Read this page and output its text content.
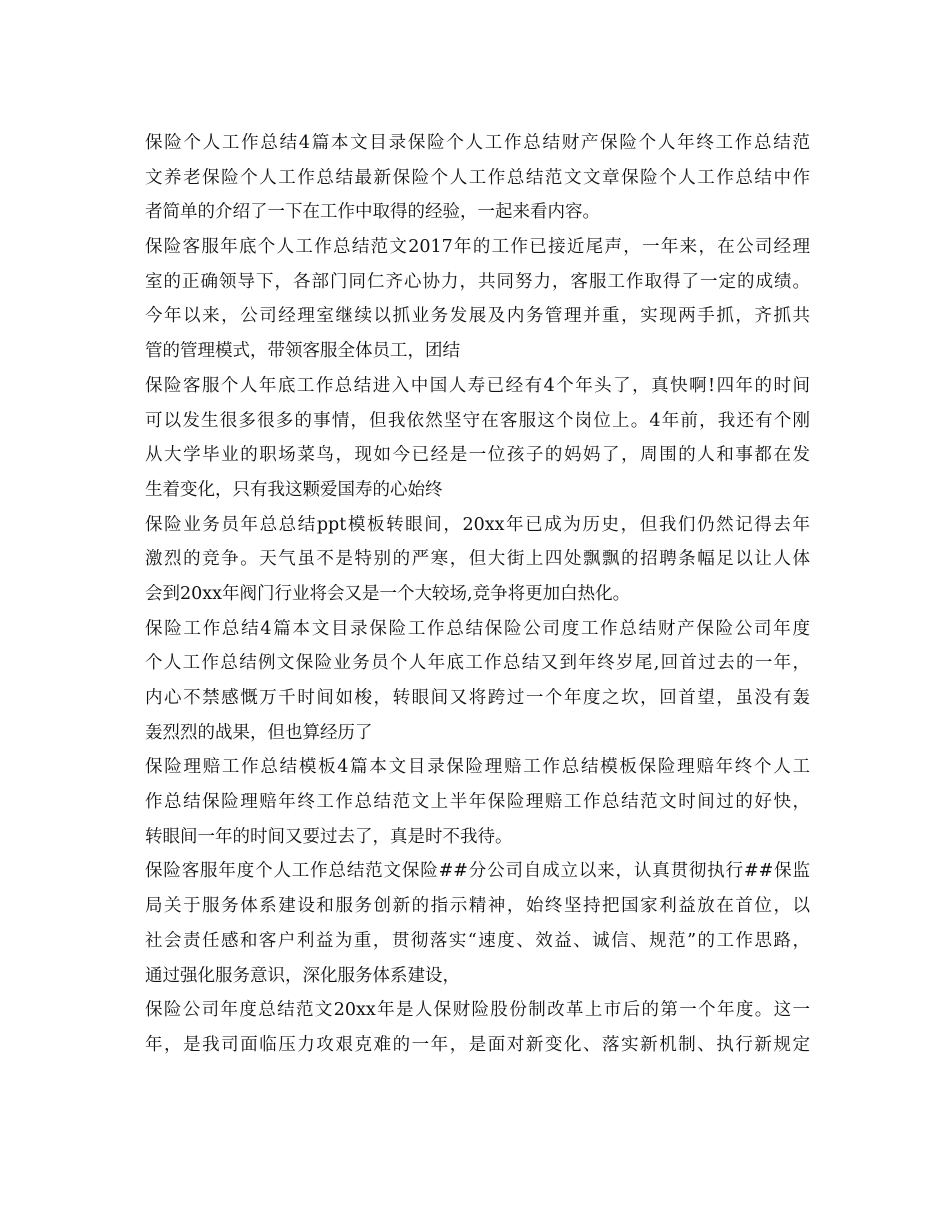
保险个人工作总结4篇本文目录保险个人工作总结财产保险个人年终工作总结范
文养老保险个人工作总结最新保险个人工作总结范文文章保险个人工作总结中作
者简单的介绍了一下在工作中取得的经验，一起来看内容。
保险客服年底个人工作总结范文2017年的工作已接近尾声，一年来，在公司经理
室的正确领导下，各部门同仁齐心协力，共同努力，客服工作取得了一定的成绩。
今年以来，公司经理室继续以抓业务发展及内务管理并重，实现两手抓，齐抓共
管的管理模式，带领客服全体员工，团结
保险客服个人年底工作总结进入中国人寿已经有4个年头了，真快啊!四年的时间
可以发生很多很多的事情，但我依然坚守在客服这个岗位上。4年前，我还有个刚
从大学毕业的职场菜鸟，现如今已经是一位孩子的妈妈了，周围的人和事都在发
生着变化，只有我这颗爱国寿的心始终
保险业务员年总总结ppt模板转眼间，20xx年已成为历史，但我们仍然记得去年
激烈的竞争。天气虽不是特别的严寒，但大街上四处飘飘的招聘条幅足以让人体
会到20xx年阀门行业将会又是一个大较场,竞争将更加白热化。
保险工作总结4篇本文目录保险工作总结保险公司度工作总结财产保险公司年度
个人工作总结例文保险业务员个人年底工作总结又到年终岁尾,回首过去的一年，
内心不禁感慨万千时间如梭，转眼间又将跨过一个年度之坎，回首望，虽没有轰
轰烈烈的战果，但也算经历了
保险理赔工作总结模板4篇本文目录保险理赔工作总结模板保险理赔年终个人工
作总结保险理赔年终工作总结范文上半年保险理赔工作总结范文时间过的好快，
转眼间一年的时间又要过去了，真是时不我待。
保险客服年度个人工作总结范文保险##分公司自成立以来，认真贯彻执行##保监
局关于服务体系建设和服务创新的指示精神，始终坚持把国家利益放在首位，以
社会责任感和客户利益为重，贯彻落实“速度、效益、诚信、规范”的工作思路，
通过强化服务意识，深化服务体系建设，
保险公司年度总结范文20xx年是人保财险股份制改革上市后的第一个年度。这一
年，是我司面临压力攻艰克难的一年，是面对新变化、落实新机制、执行新规定
